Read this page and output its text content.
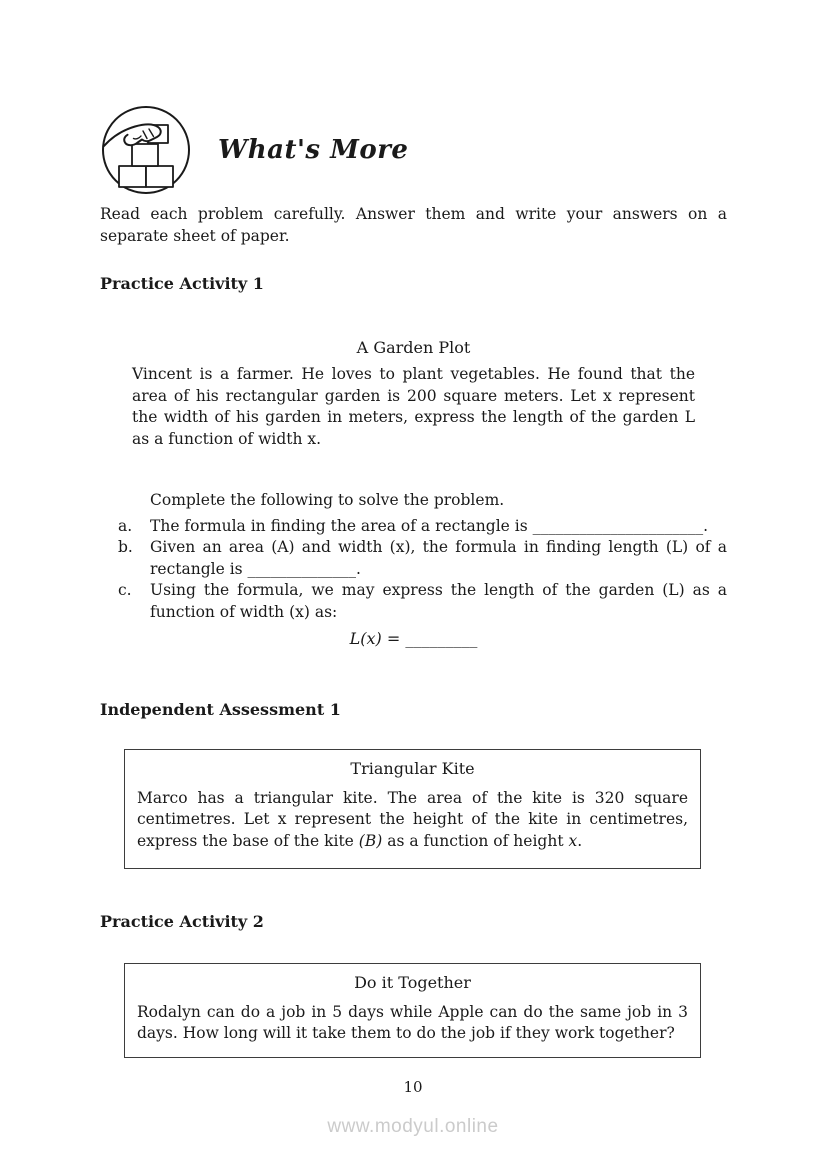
What's More

Read each problem carefully. Answer them and write your answers on a separate sheet of paper.

Practice Activity 1

A Garden Plot

Vincent is a farmer. He loves to plant vegetables. He found that the area of his rectangular garden is 200 square meters. Let x represent the width of his garden in meters, express the length of the garden L as a function of width x.

Complete the following to solve the problem.

a. The formula in finding the area of a rectangle is ______________________.
b. Given an area (A) and width (x), the formula in finding length (L) of a rectangle is ______________.
c. Using the formula, we may express the length of the garden (L) as a function of width (x) as:
L(x) = _________
Independent Assessment 1

Triangular Kite

Marco has a triangular kite. The area of the kite is 320 square centimetres. Let x represent the height of the kite in centimetres, express the base of the kite (B) as a function of height x.

Practice Activity 2

Do it Together

Rodalyn can do a job in 5 days while Apple can do the same job in 3 days. How long will it take them to do the job if they work together?

10
www.modyul.online
